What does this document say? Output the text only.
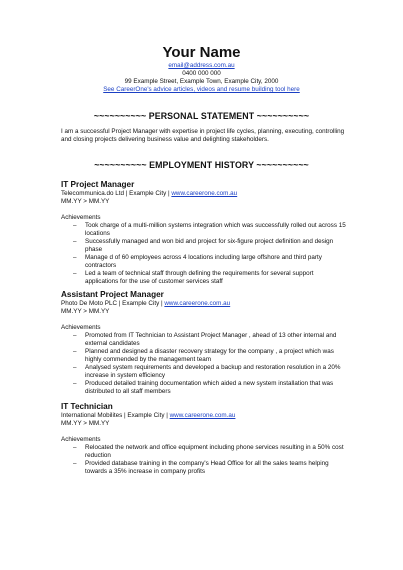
Your Name
email@address.com.au
0400 000 000
99 Example Street, Example Town, Example City, 2000
See CareerOne's advice articles, videos and resume building tool here
~~~~~~~~~~ PERSONAL STATEMENT ~~~~~~~~~~
I am a successful Project Manager with expertise in project life cycles, planning, executing, controlling and closing projects delivering business value and delighting stakeholders.
~~~~~~~~~~ EMPLOYMENT HISTORY ~~~~~~~~~~
IT Project Manager
Telecommunica.do Ltd | Example City | www.careerone.com.au
MM.YY > MM.YY
Achievements
– Took charge of a multi-million systems integration which was successfully rolled out across 15 locations
– Successfully managed and won bid and project for six-figure project definition and design phase
– Manage d of 60 employees across 4 locations including large offshore and third party contractors
– Led a team of technical staff through defining the requirements for several support applications for the use of customer services staff
Assistant Project Manager
Photo De Moto PLC | Example City | www.careerone.com.au
MM.YY > MM.YY
Achievements
– Promoted from IT Technician to Assistant Project Manager , ahead of 13 other internal and external candidates
– Planned and designed a disaster recovery strategy for the company , a project which was highly commended by the management team
– Analysed system requirements and developed a backup and restoration resolution in a 20% increase in system efficiency
– Produced detailed training documentation which aided a new system installation that was distributed to all staff members
IT Technician
International Mobilites | Example City | www.careerone.com.au
MM.YY > MM.YY
Achievements
– Relocated the network and office equipment including phone services resulting in a 50% cost reduction
– Provided database training in the company's Head Office for all the sales teams helping towards a 35% increase in company profits
